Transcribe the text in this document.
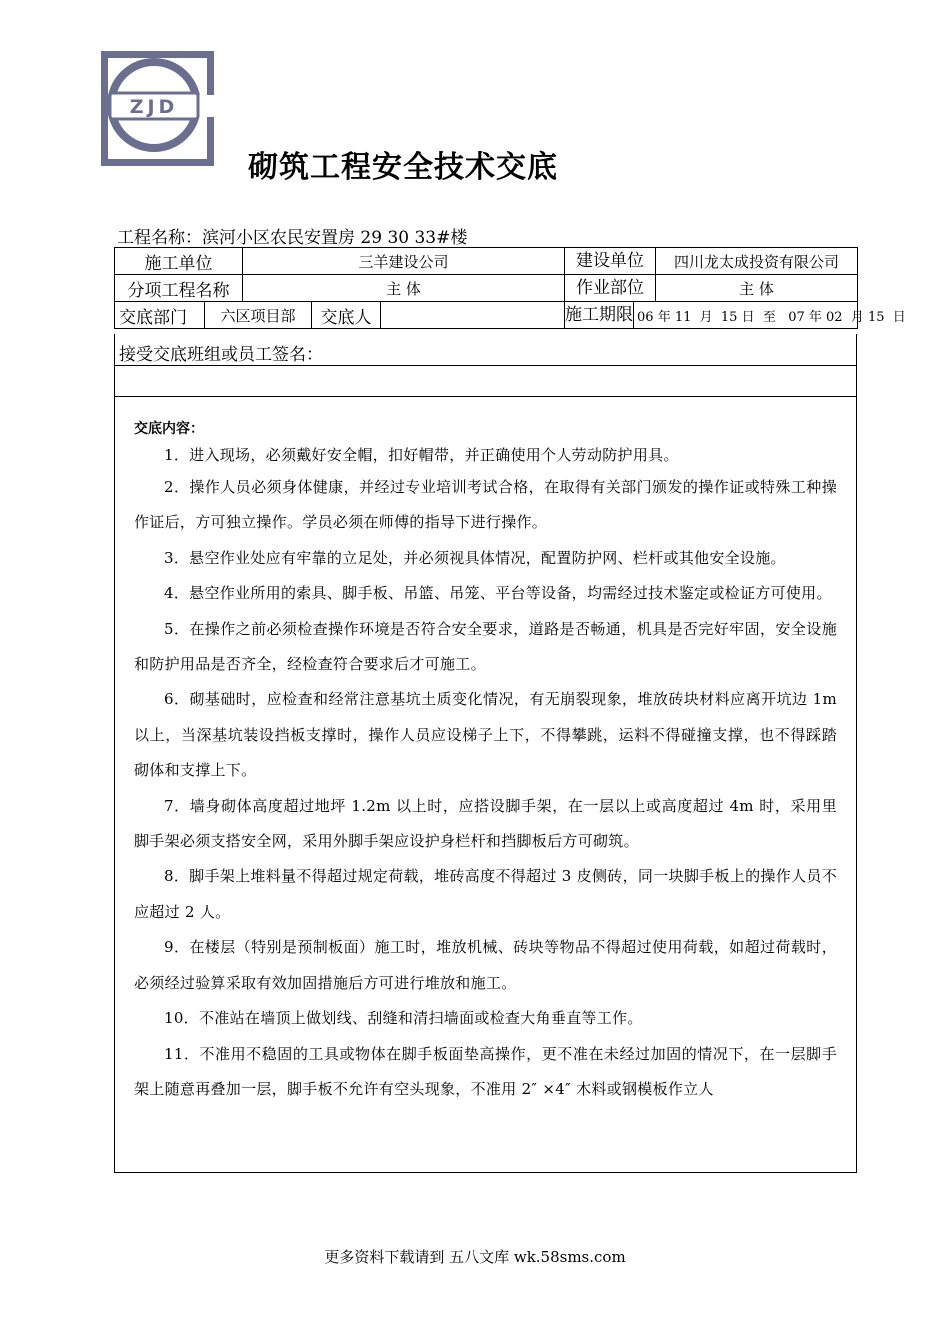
ZJD
砌筑工程安全技术交底
工程名称：滨河小区农民安置房 29 30 33#楼
施工单位		三羊建设公司			建设单位 四川龙太成投资有限公司

分项工程名称		主 体			作业部位 主 体

交底部门	六区项目部		交底人		施工期限 06 年 11  月  15 日  至   07 年 02  月 15  日
接受交底班组或员工签名：
交底内容：

1．进入现场，必须戴好安全帽，扣好帽带，并正确使用个人劳动防护用具。

2．操作人员必须身体健康，并经过专业培训考试合格，在取得有关部门颁发的操作证或特殊工种操作证后，方可独立操作。学员必须在师傅的指导下进行操作。

3．悬空作业处应有牢靠的立足处，并必须视具体情况，配置防护网、栏杆或其他安全设施。

4．悬空作业所用的索具、脚手板、吊篮、吊笼、平台等设备，均需经过技术鉴定或检证方可使用。

5．在操作之前必须检查操作环境是否符合安全要求，道路是否畅通，机具是否完好牢固，安全设施和防护用品是否齐全，经检查符合要求后才可施工。

6．砌基础时，应检查和经常注意基坑土质变化情况，有无崩裂现象，堆放砖块材料应离开坑边 1m 以上，当深基坑装设挡板支撑时，操作人员应设梯子上下，不得攀跳，运料不得碰撞支撑，也不得踩踏砌体和支撑上下。

7．墙身砌体高度超过地坪 1.2m 以上时，应搭设脚手架，在一层以上或高度超过 4m 时，采用里脚手架必须支搭安全网，采用外脚手架应设护身栏杆和挡脚板后方可砌筑。

8．脚手架上堆料量不得超过规定荷载，堆砖高度不得超过 3 皮侧砖，同一块脚手板上的操作人员不应超过 2 人。

9．在楼层（特别是预制板面）施工时，堆放机械、砖块等物品不得超过使用荷载，如超过荷载时，必须经过验算采取有效加固措施后方可进行堆放和施工。

10．不准站在墙顶上做划线、刮缝和清扫墙面或检查大角垂直等工作。

11．不准用不稳固的工具或物体在脚手板面垫高操作，更不准在未经过加固的情况下，在一层脚手架上随意再叠加一层，脚手板不允许有空头现象，不准用 2″ ×4″ 木料或钢模板作立人

更多资料下载请到 五八文库 wk.58sms.com
